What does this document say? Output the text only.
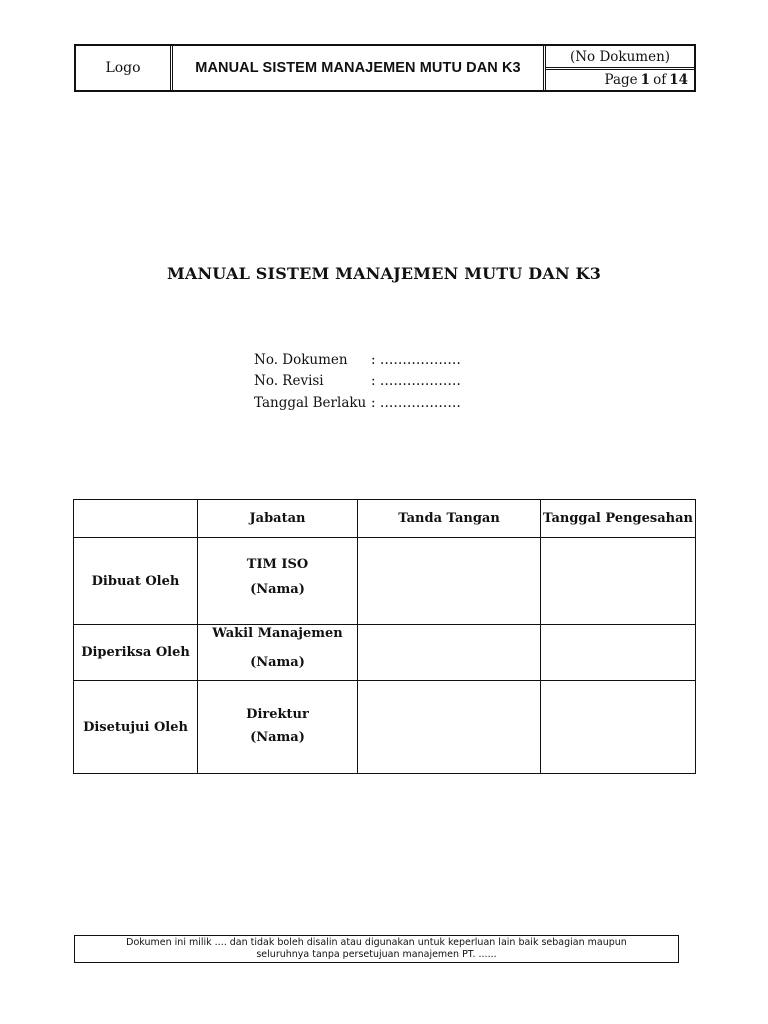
Logo	MANUAL SISTEM MANAJEMEN MUTU DAN K3
(No Dokumen)
Page 1 of 14
MANUAL SISTEM MANAJEMEN MUTU DAN K3
No. Dokumen	: ………………
No. Revisi	: ………………
Tanggal Berlaku : ………………
	Jabatan	Tanda Tangan	Tanggal Pengesahan
Dibuat Oleh	TIM ISO
(Nama)		

Diperiksa Oleh	Wakil Manajemen
(Nama)		

Disetujui Oleh	Direktur
(Nama)		

Dokumen ini milik .... dan tidak boleh disalin atau digunakan untuk keperluan lain baik sebagian maupun
seluruhnya tanpa persetujuan manajemen PT. ......
